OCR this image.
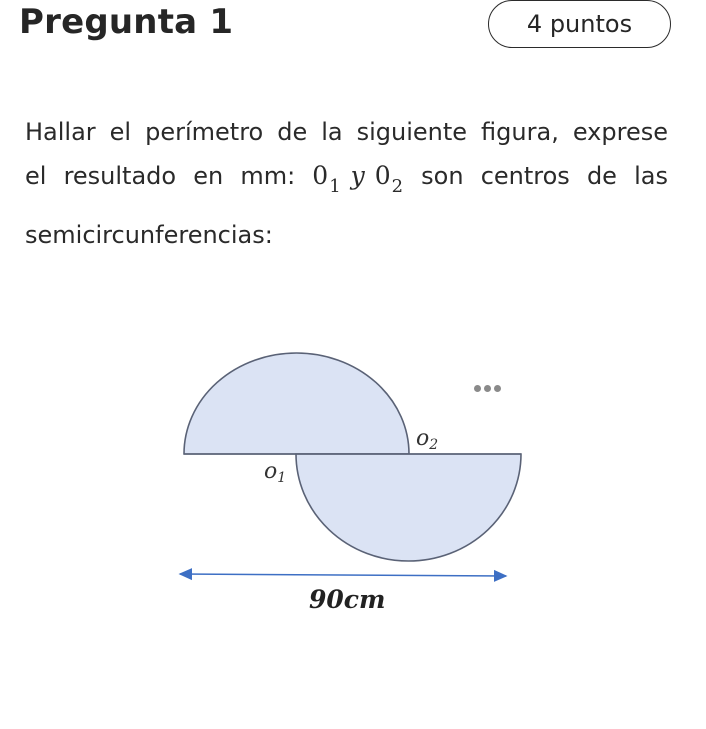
Pregunta 1	4 puntos
Hallar el perímetro de la siguiente figura, exprese
el resultado en mm: $0_1$ y $0_2$ son centros de las
semicircunferencias:
o2
o1
90cm
